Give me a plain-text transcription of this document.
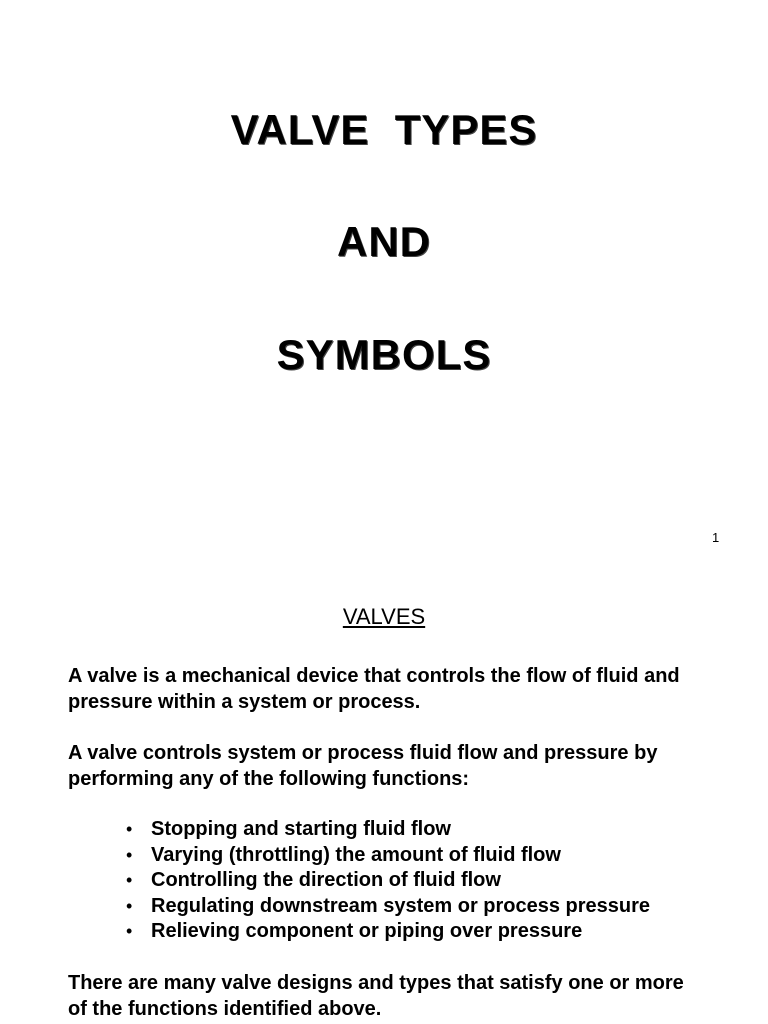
VALVE  TYPES
AND
SYMBOLS
1
VALVES
A valve is a mechanical device that controls the flow of fluid and pressure within a system or process.
A valve controls system or process fluid flow and pressure by performing any of the following functions:
• Stopping and starting fluid flow
• Varying (throttling) the amount of fluid flow
• Controlling the direction of fluid flow
• Regulating downstream system or process pressure
• Relieving component or piping over pressure
There are many valve designs and types that satisfy one or more of the functions identified above.
